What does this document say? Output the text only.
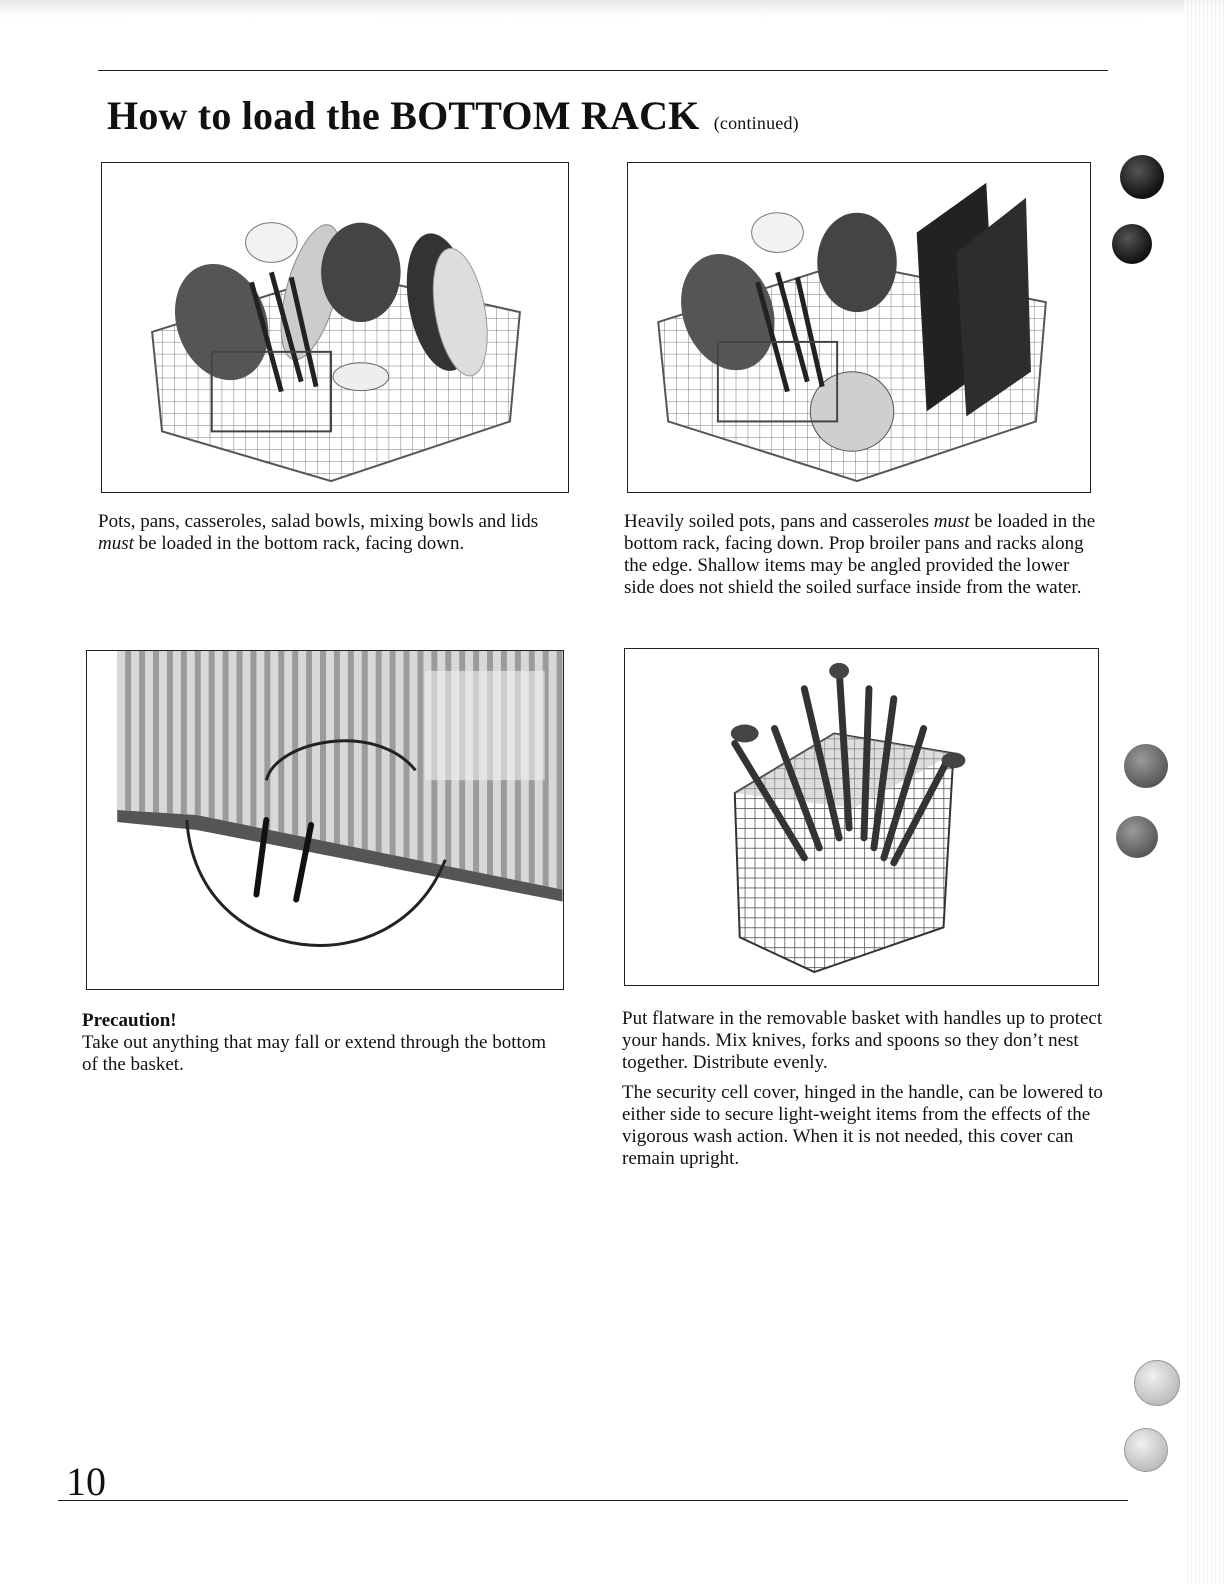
How to load the BOTTOM RACK (continued)

Pots, pans, casseroles, salad bowls, mixing bowls and lids must be loaded in the bottom rack, facing down.

Heavily soiled pots, pans and casseroles must be loaded in the bottom rack, facing down. Prop broiler pans and racks along the edge. Shallow items may be angled provided the lower side does not shield the soiled surface inside from the water.

Precaution!

Take out anything that may fall or extend through the bottom of the basket.

Put flatware in the removable basket with handles up to protect your hands. Mix knives, forks and spoons so they don’t nest together. Distribute evenly.

The security cell cover, hinged in the handle, can be lowered to either side to secure light-weight items from the effects of the vigorous wash action. When it is not needed, this cover can remain upright.

10
